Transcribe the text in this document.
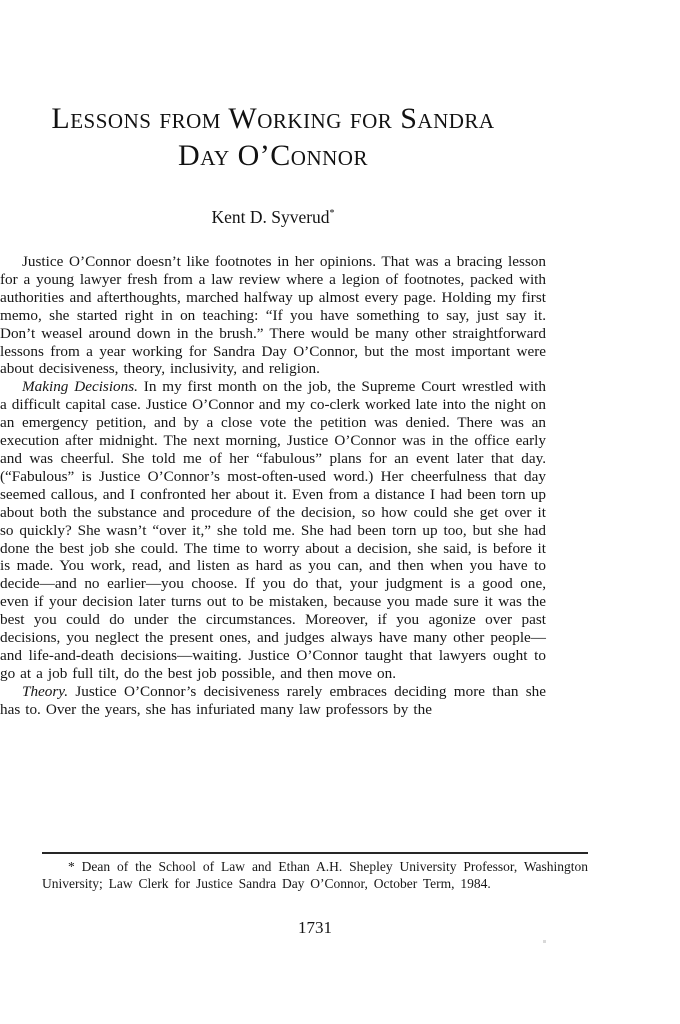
Lessons from Working for Sandra
Day O’Connor
Kent D. Syverud*

Justice O’Connor doesn’t like footnotes in her opinions. That was a bracing lesson for a young lawyer fresh from a law review where a legion of footnotes, packed with authorities and afterthoughts, marched halfway up almost every page. Holding my first memo, she started right in on teaching: “If you have something to say, just say it. Don’t weasel around down in the brush.” There would be many other straightforward lessons from a year working for Sandra Day O’Connor, but the most important were about decisiveness, theory, inclusivity, and religion.

Making Decisions. In my first month on the job, the Supreme Court wrestled with a difficult capital case. Justice O’Connor and my co-clerk worked late into the night on an emergency petition, and by a close vote the petition was denied. There was an execution after midnight. The next morning, Justice O’Connor was in the office early and was cheerful. She told me of her “fabulous” plans for an event later that day. (“Fabulous” is Justice O’Connor’s most-often-used word.) Her cheerfulness that day seemed callous, and I confronted her about it. Even from a distance I had been torn up about both the substance and procedure of the decision, so how could she get over it so quickly? She wasn’t “over it,” she told me. She had been torn up too, but she had done the best job she could. The time to worry about a decision, she said, is before it is made. You work, read, and listen as hard as you can, and then when you have to decide—and no earlier—you choose. If you do that, your judgment is a good one, even if your decision later turns out to be mistaken, because you made sure it was the best you could do under the circumstances. Moreover, if you agonize over past decisions, you neglect the present ones, and judges always have many other people—and life-and-death decisions—waiting. Justice O’Connor taught that lawyers ought to go at a job full tilt, do the best job possible, and then move on.

Theory. Justice O’Connor’s decisiveness rarely embraces deciding more than she has to. Over the years, she has infuriated many law professors by the

* Dean of the School of Law and Ethan A.H. Shepley University Professor, Washington University; Law Clerk for Justice Sandra Day O’Connor, October Term, 1984.

1731
